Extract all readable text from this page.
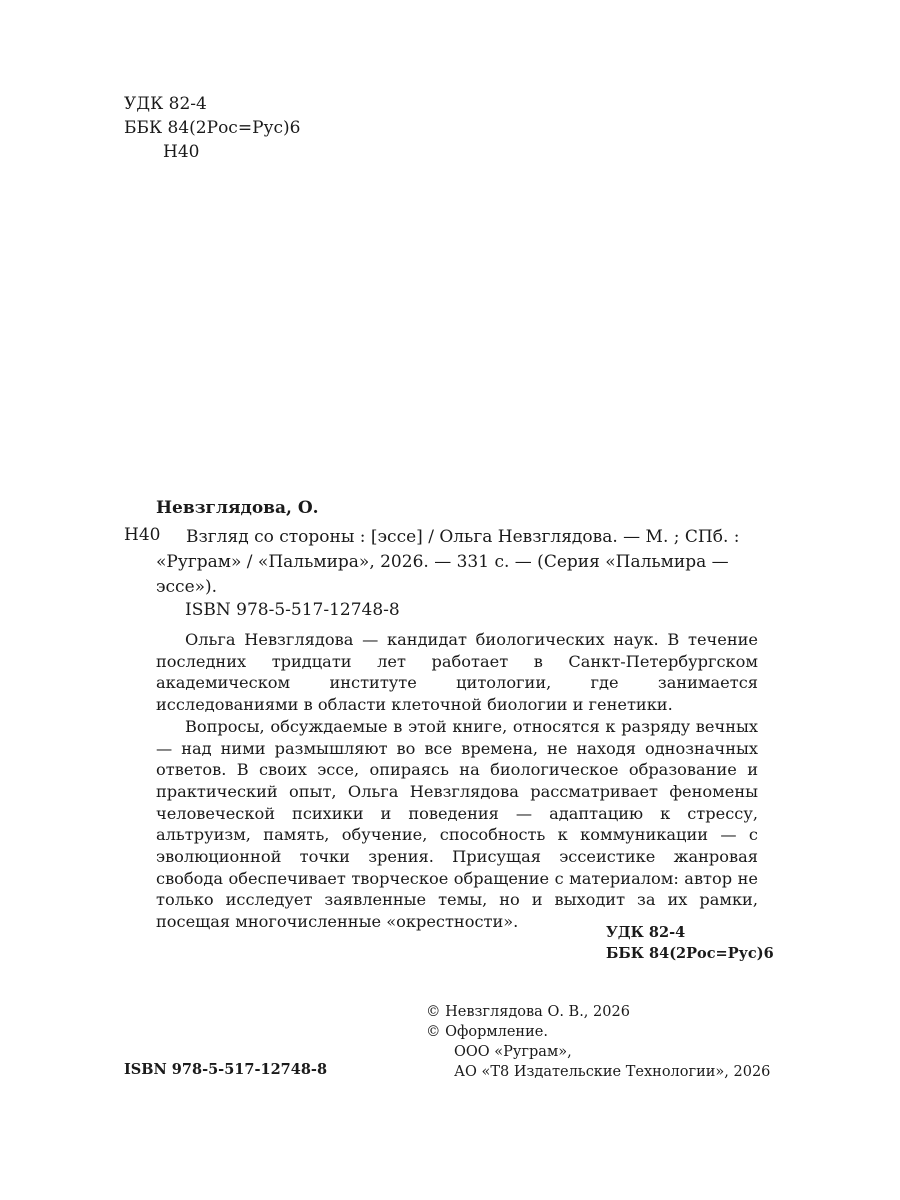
УДК 82-4
ББК 84(2Рос=Рус)6
Н40
Невзглядова, О.
Н40	Взгляд со стороны : [эссе] / Ольга Невзглядова. — М. ; СПб. :
«Руграм» / «Пальмира», 2026. — 331 с. — (Серия «Пальмира —
эссе»).
ISBN 978-5-517-12748-8

Ольга Невзглядова — кандидат биологических наук. В течение последних тридцати лет работает в Санкт-Петербургском академическом институте цитологии, где занимается исследованиями в области клеточной биологии и генетики.

Вопросы, обсуждаемые в этой книге, относятся к разряду вечных — над ними размышляют во все времена, не находя однозначных ответов. В своих эссе, опираясь на биологическое образование и практический опыт, Ольга Невзглядова рассматривает феномены человеческой психики и поведения — адаптацию к стрессу, альтруизм, память, обучение, способность к коммуникации — с эволюционной точки зрения. Присущая эссеистике жанровая свобода обеспечивает творческое обращение с материалом: автор не только исследует заявленные темы, но и выходит за их рамки, посещая многочисленные «окрестности».

УДК 82-4
ББК 84(2Рос=Рус)6
© Невзглядова О. В., 2026
© Оформление.
ООО «Руграм»,
АО «Т8 Издательские Технологии», 2026
ISBN 978-5-517-12748-8
